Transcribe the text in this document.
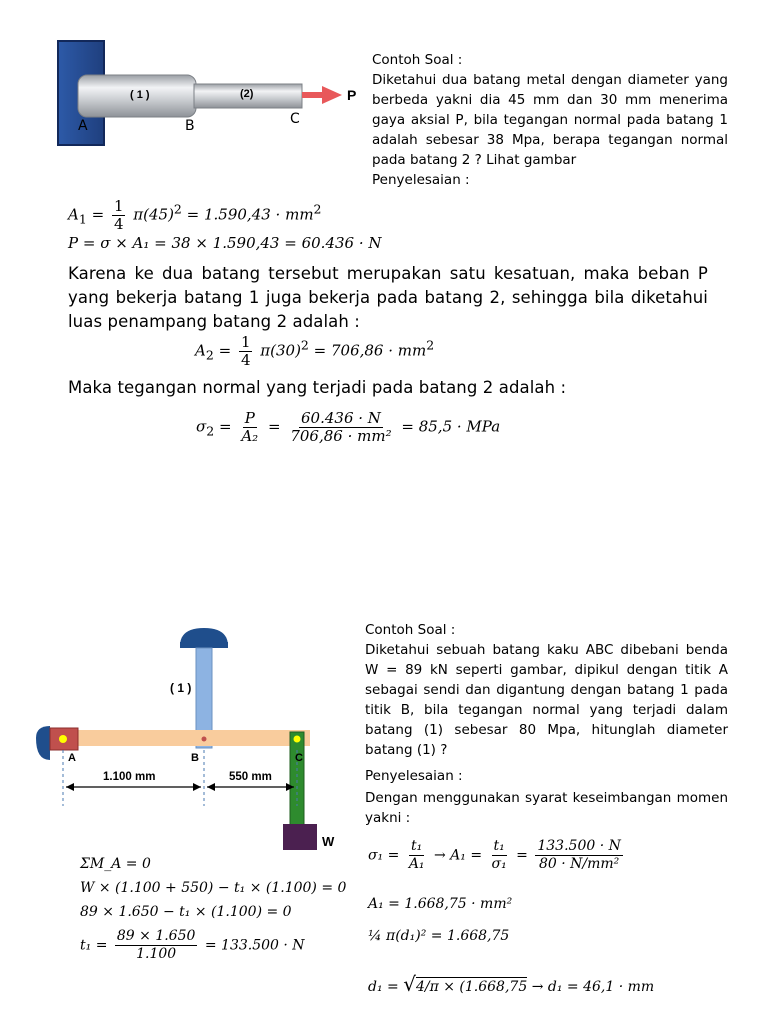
( 1 )	(2)	P
A	B	C

Contoh Soal :

Diketahui dua batang metal dengan diameter yang berbeda yakni dia 45 mm dan 30 mm menerima gaya aksial P, bila tegangan normal pada batang 1 adalah sebesar 38 Mpa, berapa tegangan normal pada batang 2 ? Lihat gambar

Penyelesaian :

$A_1 = \frac{1}{4} \pi(45)^2 = 1.590,43 \cdot mm^2$
P = σ × A₁ = 38 × 1.590,43 = 60.436 · N
Karena ke dua batang tersebut merupakan satu kesatuan, maka beban P yang bekerja batang 1 juga bekerja pada batang 2, sehingga bila diketahui luas penampang batang 2 adalah :
$A_2 = \frac{1}{4} \pi(30)^2 = 706,86 \cdot mm^2$
Maka tegangan normal yang terjadi pada batang 2 adalah :
$\sigma_2 = \frac{P}{\text{A₂}} = \frac{60.436 \cdot N}{\text{706,86 · mm²}} = 85,5$ · MPa
( 1 )
A	B	C
1.100 mm	550 mm
W

Contoh Soal :

Diketahui sebuah batang kaku ABC dibebani benda W = 89 kN seperti gambar, dipikul dengan titik A sebagai sendi dan digantung dengan batang 1 pada titik B, bila tegangan normal yang terjadi dalam batang (1) sebesar 80 Mpa, hitunglah diameter batang (1) ?

Penyelesaian :

Dengan menggunakan syarat keseimbangan momen yakni :

ΣM_A = 0
W × (1.100 + 550) − t₁ × (1.100) = 0
89 × 1.650 − t₁ × (1.100) = 0
$t_1 = \frac{89 \times 1.650}{1.100} = 133.500 \cdot N$
$\sigma_1 = \frac{\text{t₁}}{\text{A₁}} \to A_1 = \frac{\text{t₁}}{\text{σ₁}} = \frac{133.500 \cdot N}{\text{80 · N/mm²}}$
A₁ = 1.668,75 · mm²
¼ π(d₁)² = 1.668,75
d₁ = √4/π × (1.668,75 → d₁ = 46,1 · mm
